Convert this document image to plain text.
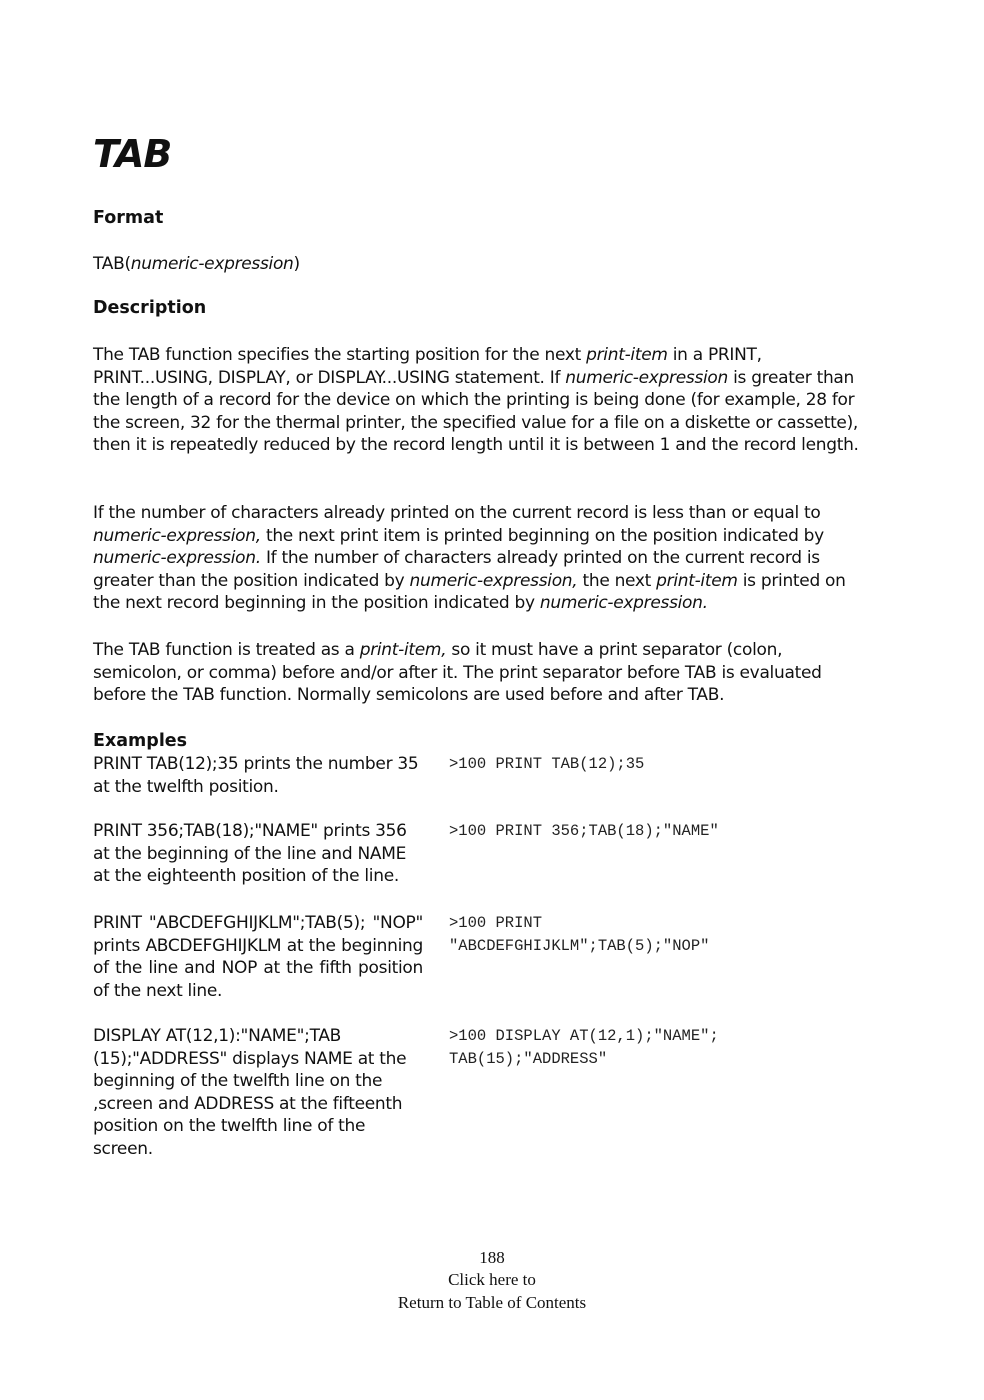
TAB
Format

TAB(numeric-expression)

Description

The TAB function specifies the starting position for the next print-item in a PRINT, PRINT...USING, DISPLAY, or DISPLAY...USING statement. If numeric-expression is greater than the length of a record for the device on which the printing is being done (for example, 28 for the screen, 32 for the thermal printer, the specified value for a file on a diskette or cassette), then it is repeatedly reduced by the record length until it is between 1 and the record length.

If the number of characters already printed on the current record is less than or equal to numeric-expression, the next print item is printed beginning on the position indicated by numeric-expression. If the number of characters already printed on the current record is greater than the position indicated by numeric-expression, the next print-item is printed on the next record beginning in the position indicated by numeric-expression.

The TAB function is treated as a print-item, so it must have a print separator (colon, semicolon, or comma) before and/or after it. The print separator before TAB is evaluated before the TAB function. Normally semicolons are used before and after TAB.

Examples
PRINT TAB(12);35 prints the number 35 at the twelfth position.
>100 PRINT TAB(12);35
PRINT 356;TAB(18);"NAME" prints 356 at the beginning of the line and NAME at the eighteenth position of the line.
>100 PRINT 356;TAB(18);"NAME"
PRINT "ABCDEFGHIJKLM";TAB(5); "NOP" prints ABCDEFGHIJKLM at the beginning of the line and NOP at the fifth position of the next line.
>100 PRINT
"ABCDEFGHIJKLM";TAB(5);"NOP"
DISPLAY AT(12,1):"NAME";TAB (15);"ADDRESS" displays NAME at the beginning of the twelfth line on the ,screen and ADDRESS at the fifteenth position on the twelfth line of the screen.
>100 DISPLAY AT(12,1);"NAME";
TAB(15);"ADDRESS"
188
Click here to
Return to Table of Contents
